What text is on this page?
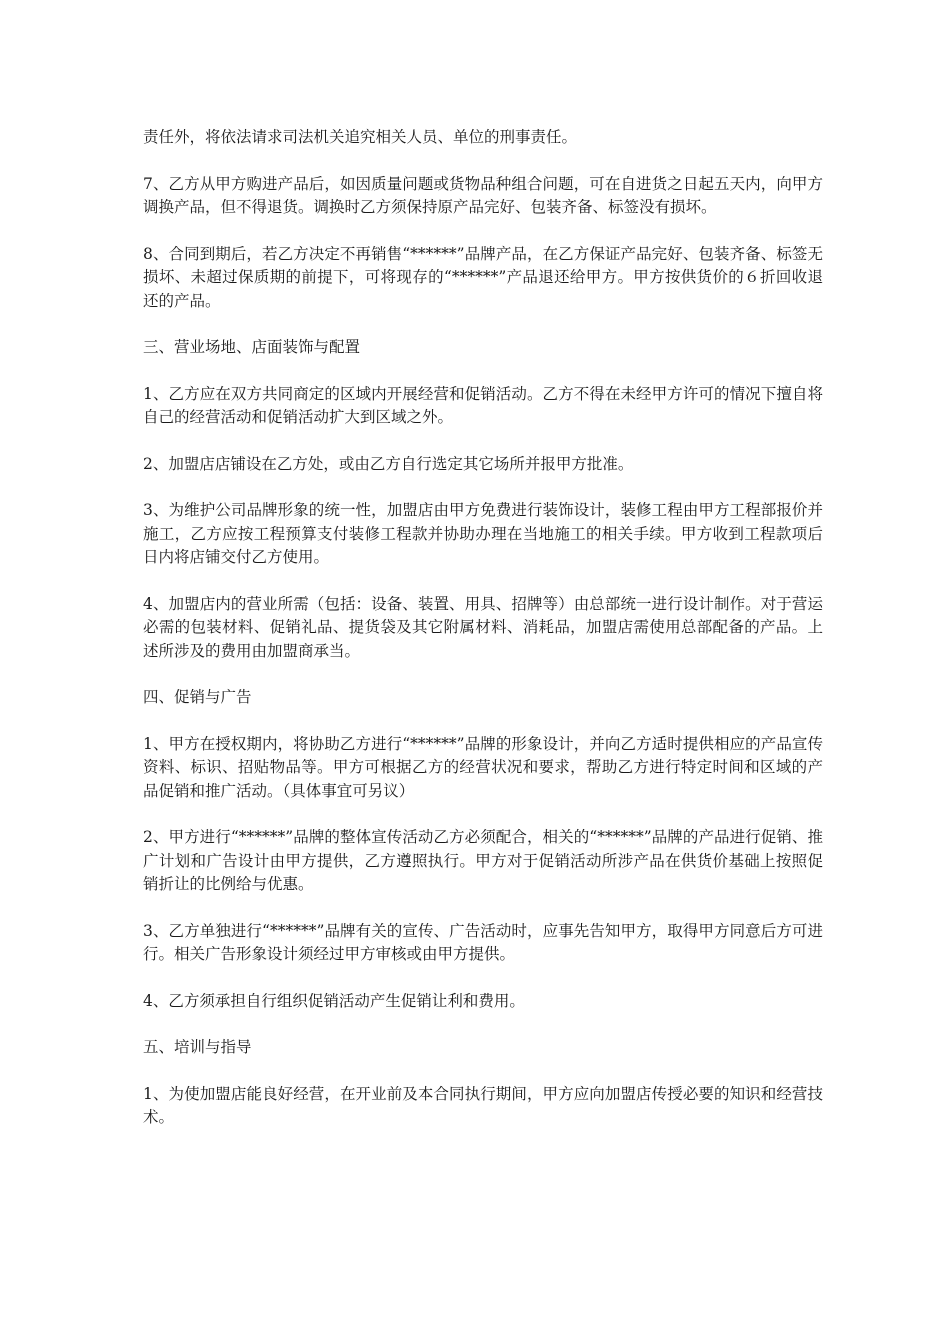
责任外，将依法请求司法机关追究相关人员、单位的刑事责任。

7、乙方从甲方购进产品后，如因质量问题或货物品种组合问题，可在自进货之日起五天内，向甲方调换产品，但不得退货。调换时乙方须保持原产品完好、包装齐备、标签没有损坏。

8、合同到期后，若乙方决定不再销售“******”品牌产品，在乙方保证产品完好、包装齐备、标签无损坏、未超过保质期的前提下，可将现存的“******”产品退还给甲方。甲方按供货价的６折回收退还的产品。

三、营业场地、店面装饰与配置

1、乙方应在双方共同商定的区域内开展经营和促销活动。乙方不得在未经甲方许可的情况下擅自将自己的经营活动和促销活动扩大到区域之外。

2、加盟店店铺设在乙方处，或由乙方自行选定其它场所并报甲方批准。

3、为维护公司品牌形象的统一性，加盟店由甲方免费进行装饰设计，装修工程由甲方工程部报价并施工，乙方应按工程预算支付装修工程款并协助办理在当地施工的相关手续。甲方收到工程款项后日内将店铺交付乙方使用。

4、加盟店内的营业所需（包括：设备、装置、用具、招牌等）由总部统一进行设计制作。对于营运必需的包装材料、促销礼品、提货袋及其它附属材料、消耗品，加盟店需使用总部配备的产品。上述所涉及的费用由加盟商承当。

四、促销与广告

1、甲方在授权期内，将协助乙方进行“******”品牌的形象设计，并向乙方适时提供相应的产品宣传资料、标识、招贴物品等。甲方可根据乙方的经营状况和要求，帮助乙方进行特定时间和区域的产品促销和推广活动。（具体事宜可另议）

2、甲方进行“******”品牌的整体宣传活动乙方必须配合，相关的“******”品牌的产品进行促销、推广计划和广告设计由甲方提供，乙方遵照执行。甲方对于促销活动所涉产品在供货价基础上按照促销折让的比例给与优惠。

3、乙方单独进行“******”品牌有关的宣传、广告活动时，应事先告知甲方，取得甲方同意后方可进行。相关广告形象设计须经过甲方审核或由甲方提供。

4、乙方须承担自行组织促销活动产生促销让利和费用。

五、培训与指导

1、为使加盟店能良好经营，在开业前及本合同执行期间，甲方应向加盟店传授必要的知识和经营技术。
